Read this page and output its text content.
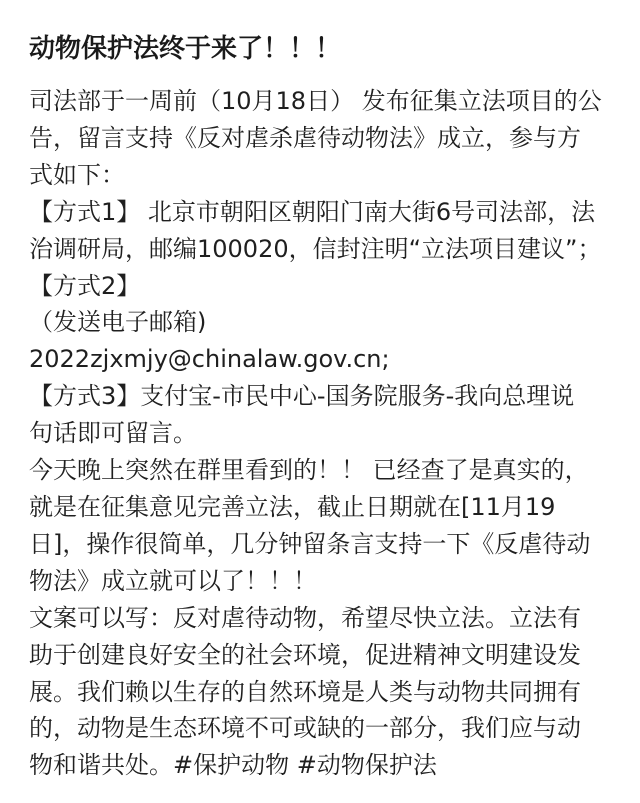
动物保护法终于来了！！！
司法部于一周前（10月18日） 发布征集立法项目的公
告，留言支持《反对虐杀虐待动物法》成立，参与方
式如下：
【方式1】 北京市朝阳区朝阳门南大街6号司法部，法
治调研局，邮编100020，信封注明“立法项目建议”；
【方式2】
（发送电子邮箱)
2022zjxmjy@chinalaw.gov.cn;
【方式3】支付宝-市民中心-国务院服务-我向总理说
句话即可留言。
今天晚上突然在群里看到的！！ 已经查了是真实的，
就是在征集意见完善立法，截止日期就在[11月19
日]，操作很简单，几分钟留条言支持一下《反虐待动
物法》成立就可以了！！！
文案可以写：反对虐待动物，希望尽快立法。立法有
助于创建良好安全的社会环境，促进精神文明建设发
展。我们赖以生存的自然环境是人类与动物共同拥有
的，动物是生态环境不可或缺的一部分，我们应与动
物和谐共处。#保护动物 #动物保护法
